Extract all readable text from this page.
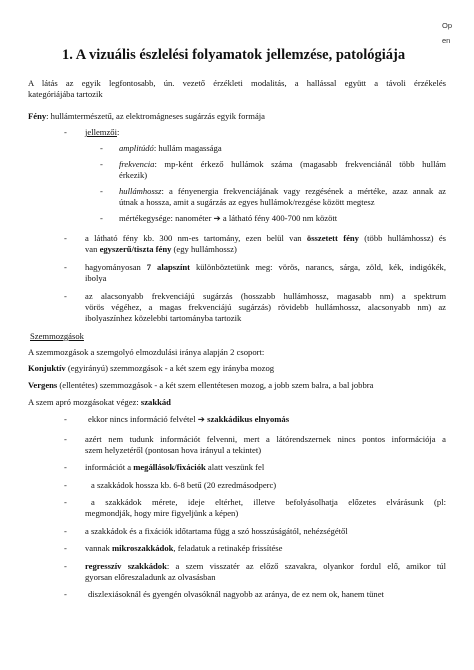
Op
en
1. A vizuális észlelési folyamatok jellemzése, patológiája
A látás az egyik legfontosabb, ún. vezető érzékleti modalitás, a hallással együtt a távoli érzékelés
kategóriájába tartozik
Fény: hullámtermészetű, az elektromágneses sugárzás egyik formája
- jellemzői:
- amplitúdó: hullám magassága
- frekvencia: mp-ként érkező hullámok száma (magasabb frekvenciánál több hullám
érkezik)
- hullámhossz: a fényenergia frekvenciájának vagy rezgésének a mértéke, azaz annak az
útnak a hossza, amit a sugárzás az egyes hullámok/rezgése között megtesz
- mértékegysége: nanométer ➔ a látható fény 400-700 nm között
- a látható fény kb. 300 nm-es tartomány, ezen belül van összetett fény (több hullámhossz) és
van egyszerű/tiszta fény (egy hullámhossz)
- hagyományosan 7 alapszínt különböztetünk meg: vörös, narancs, sárga, zöld, kék, indigókék,
ibolya
- az alacsonyabb frekvenciájú sugárzás (hosszabb hullámhossz, magasabb nm) a spektrum
vörös végéhez, a magas frekvenciájú sugárzás) rövidebb hullámhossz, alacsonyabb nm) az
ibolyaszínhez közelebbi tartományba tartozik
Szemmozgások
A szemmozgások a szemgolyó elmozdulási iránya alapján 2 csoport:
Konjuktív (egyirányú) szemmozgások - a két szem egy irányba mozog
Vergens (ellentétes) szemmozgások - a két szem ellentétesen mozog, a jobb szem balra, a bal jobbra
A szem apró mozgásokat végez: szakkád
- ekkor nincs információ felvétel ➔ szakkádikus elnyomás
- azért nem tudunk információt felvenni, mert a látórendszernek nincs pontos információja a
szem helyzetéről (pontosan hova irányul a tekintet)
- információt a megállások/fixációk alatt veszünk fel
-	a szakkádok hossza kb. 6-8 betű (20 ezredmásodperc)
-	a szakkádok mérete, ideje eltérhet, illetve befolyásolhatja előzetes elvárásunk (pl:
megmondják, hogy mire figyeljünk a képen)
- a szakkádok és a fixációk időtartama függ a szó hosszúságától, nehézségétől
- vannak mikroszakkádok, feladatuk a retinakép frissítése
- regresszív szakkádok: a szem visszatér az előző szavakra, olyankor fordul elő, amikor túl
gyorsan előreszaladunk az olvasásban
- diszlexiásoknál és gyengén olvasóknál nagyobb az aránya, de ez nem ok, hanem tünet
